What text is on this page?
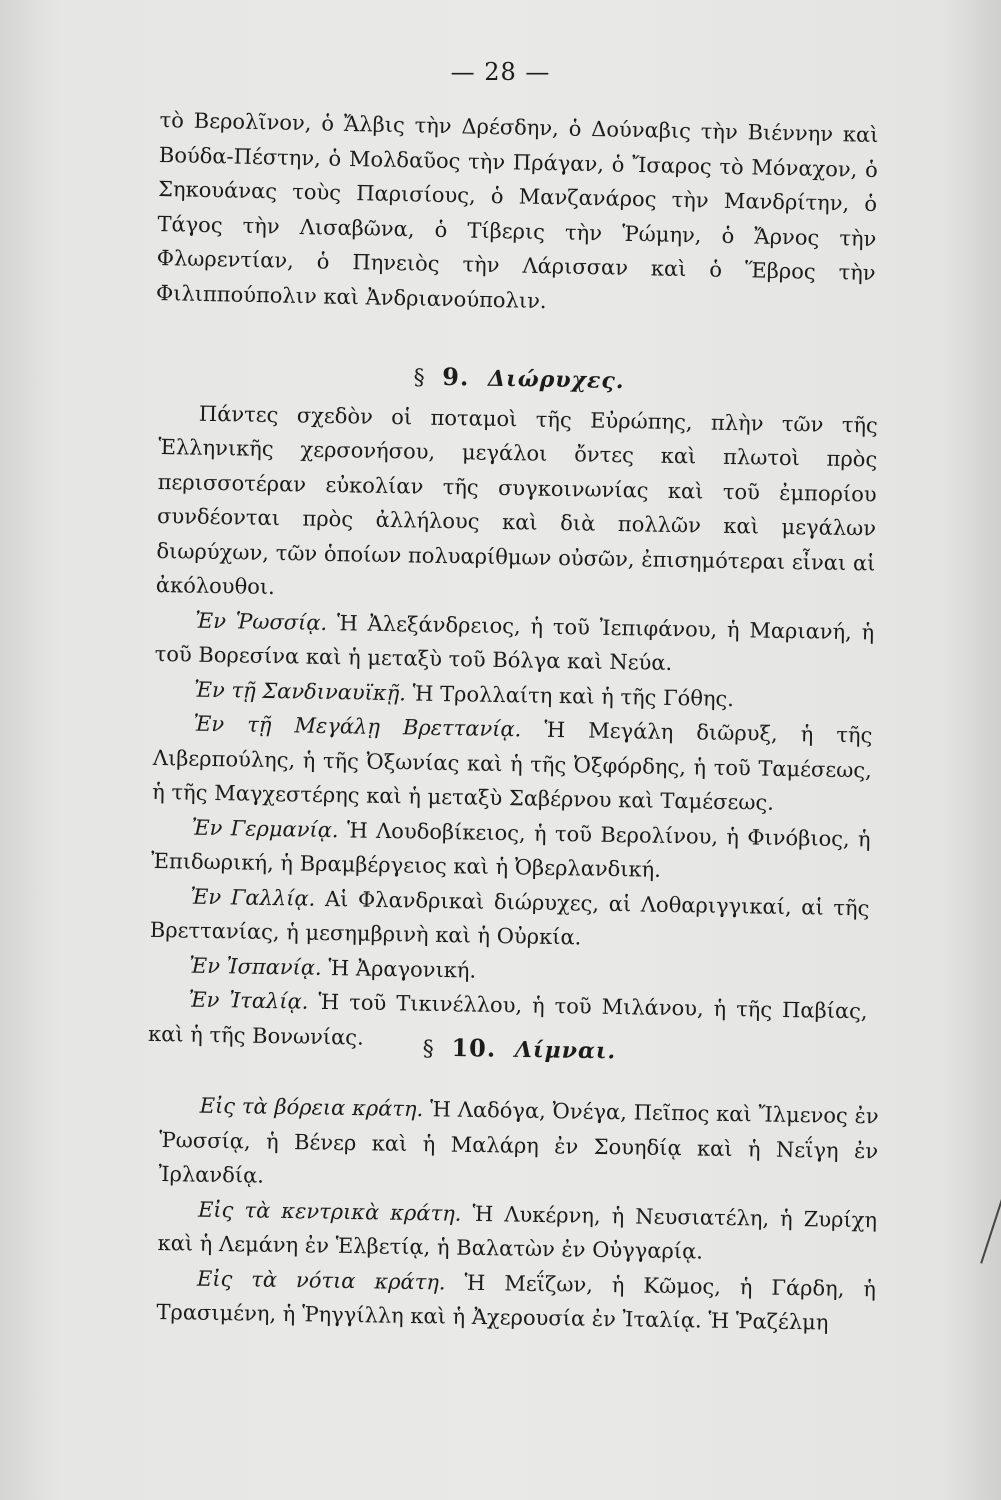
— 28 —

τὸ Βερολῖνον, ὁ Ἄλβις τὴν Δρέσδην, ὁ Δούναβις τὴν Βιέννην καὶ Βούδα-Πέστην, ὁ Μολδαῦος τὴν Πράγαν, ὁ Ἴσαρος τὸ Μόναχον, ὁ Σηκουάνας τοὺς Παρισίους, ὁ Μανζανάρος τὴν Μανδρίτην, ὁ Τάγος τὴν Λισαβῶνα, ὁ Τίβερις τὴν Ῥώμην, ὁ Ἄρνος τὴν Φλωρεντίαν, ὁ Πηνειὸς τὴν Λάρισσαν καὶ ὁ Ἕβρος τὴν Φιλιππούπολιν καὶ Ἀνδριανούπολιν.

§ 9. Διώρυχες.

Πάντες σχεδὸν οἱ ποταμοὶ τῆς Εὐρώπης, πλὴν τῶν τῆς Ἑλληνικῆς χερσονήσου, μεγάλοι ὄντες καὶ πλωτοὶ πρὸς περισσοτέραν εὐκολίαν τῆς συγκοινωνίας καὶ τοῦ ἐμπορίου συνδέονται πρὸς ἀλλήλους καὶ διὰ πολλῶν καὶ μεγάλων διωρύχων, τῶν ὁποίων πολυαρίθμων οὐσῶν, ἐπισημότεραι εἶναι αἱ ἀκόλουθοι.

Ἐν Ῥωσσίᾳ. Ἡ Ἀλεξάνδρειος, ἡ τοῦ Ἰεπιφάνου, ἡ Μαριανή, ἡ τοῦ Βορεσίνα καὶ ἡ μεταξὺ τοῦ Βόλγα καὶ Νεύα.

Ἐν τῇ Σανδιναυϊκῇ. Ἡ Τρολλαίτη καὶ ἡ τῆς Γόθης.

Ἐν τῇ Μεγάλῃ Βρεττανίᾳ. Ἡ Μεγάλη διῶρυξ, ἡ τῆς Λιβερπούλης, ἡ τῆς Ὀξωνίας καὶ ἡ τῆς Ὀξφόρδης, ἡ τοῦ Ταμέσεως, ἡ τῆς Μαγχεστέρης καὶ ἡ μεταξὺ Σαβέρνου καὶ Ταμέσεως.

Ἐν Γερμανίᾳ. Ἡ Λουδοβίκειος, ἡ τοῦ Βερολίνου, ἡ Φινόβιος, ἡ Ἐπιδωρική, ἡ Βραμβέργειος καὶ ἡ Ὀβερλανδική.

Ἐν Γαλλίᾳ. Αἱ Φλανδρικαὶ διώρυχες, αἱ Λοθαριγγικαί, αἱ τῆς Βρεττανίας, ἡ μεσημβρινὴ καὶ ἡ Οὐρκία.

Ἐν Ἰσπανίᾳ. Ἡ Ἀραγονική.

Ἐν Ἰταλίᾳ. Ἡ τοῦ Τικινέλλου, ἡ τοῦ Μιλάνου, ἡ τῆς Παβίας, καὶ ἡ τῆς Βονωνίας.

§ 10. Λίμναι.

Εἰς τὰ βόρεια κράτη. Ἡ Λαδόγα, Ὀνέγα, Πεῖπος καὶ Ἴλμενος ἐν Ῥωσσίᾳ, ἡ Βένερ καὶ ἡ Μαλάρη ἐν Σουηδίᾳ καὶ ἡ Νεΐγη ἐν Ἰρλανδίᾳ.

Εἰς τὰ κεντρικὰ κράτη. Ἡ Λυκέρνη, ἡ Νευσιατέλη, ἡ Ζυρίχη καὶ ἡ Λεμάνη ἐν Ἑλβετίᾳ, ἡ Βαλατὼν ἐν Οὐγγαρίᾳ.

Εἰς τὰ νότια κράτη. Ἡ Μεΐζων, ἡ Κῶμος, ἡ Γάρδη, ἡ Τρασιμένη, ἡ Ῥηγγίλλη καὶ ἡ Ἀχερουσία ἐν Ἰταλίᾳ. Ἡ Ῥαζέλμη
